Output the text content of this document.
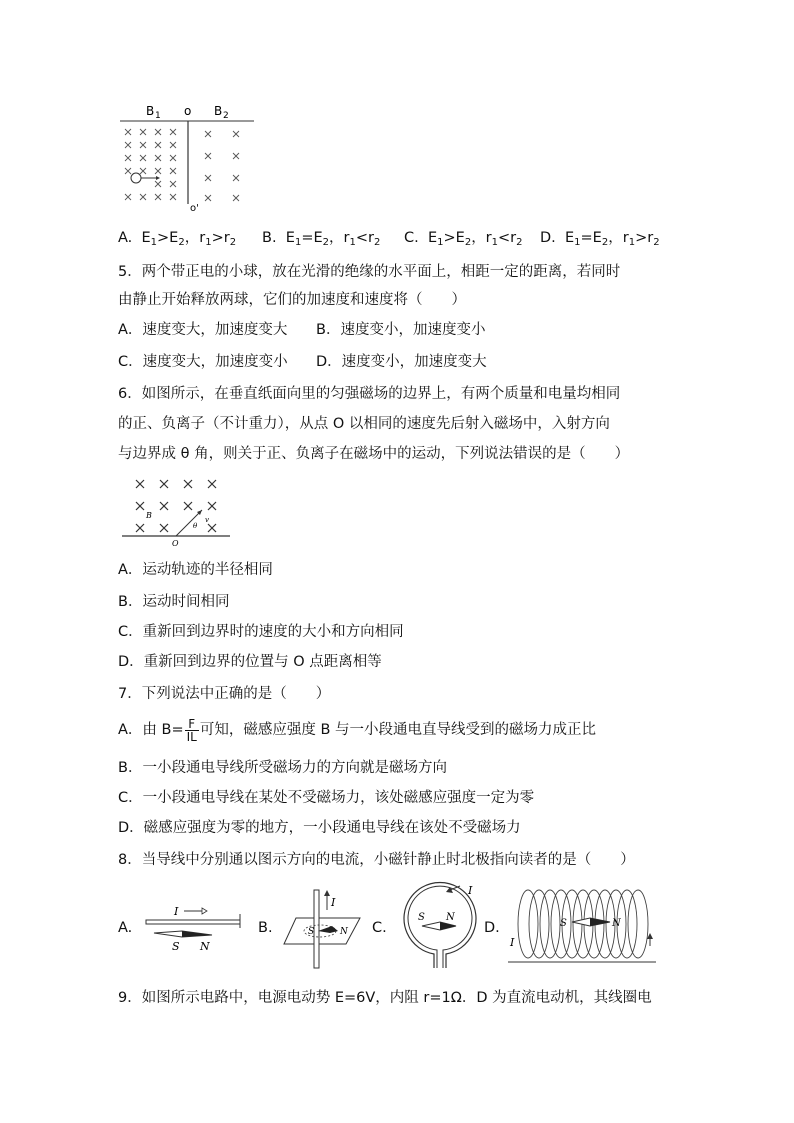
B 1 o B 2
o'
A.  $E_1>E_2$，$r_1>r_2$ B.  $E_1=E_2$，$r_1<r_2$ C.  $E_1>E_2$，$r_1<r_2$ D.  $E_1=E_2$，$r_1>r_2$
5．两个带正电的小球，放在光滑的绝缘的水平面上，相距一定的距离，若同时
由静止开始释放两球，它们的加速度和速度将（　　）
A．速度变大，加速度变大 B．速度变小，加速度变小
C．速度变大，加速度变小 D．速度变小，加速度变大
6．如图所示，在垂直纸面向里的匀强磁场的边界上，有两个质量和电量均相同
的正、负离子（不计重力），从点 O 以相同的速度先后射入磁场中，入射方向
与边界成 θ 角，则关于正、负离子在磁场中的运动，下列说法错误的是（　　）
B
θ
v
O
A．运动轨迹的半径相同
B．运动时间相同
C．重新回到边界时的速度的大小和方向相同
D．重新回到边界的位置与 O 点距离相等
7．下列说法中正确的是（　　）
A．由 $B= \frac{F}{IL}$ 可知，磁感应强度 B 与一小段通电直导线受到的磁场力成正比
B．一小段通电导线所受磁场力的方向就是磁场方向
C．一小段通电导线在某处不受磁场力，该处磁感应强度一定为零
D．磁感应强度为零的地方，一小段通电导线在该处不受磁场力
8．当导线中分别通以图示方向的电流，小磁针静止时北极指向读者的是（　　）
A.
I
S N
B.
I
S	N C.
I
S N
D.
I
S	N
9．如图所示电路中，电源电动势 E=6V，内阻 r=1Ω．D 为直流电动机，其线圈电
